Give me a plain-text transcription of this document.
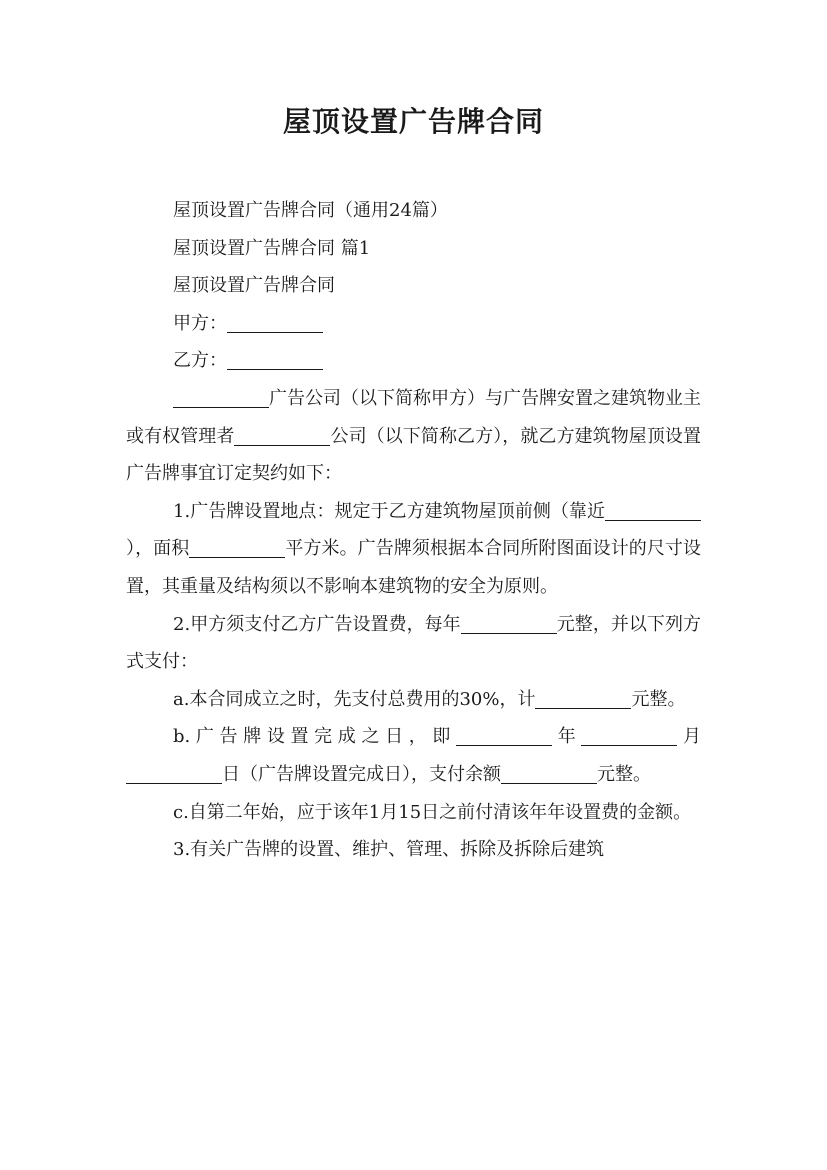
屋顶设置广告牌合同

屋顶设置广告牌合同（通用24篇）

屋顶设置广告牌合同 篇1

屋顶设置广告牌合同

甲方：

乙方：

广告公司（以下简称甲方）与广告牌安置之建筑物业主或有权管理者	公司（以下简称乙方），就乙方建筑物屋顶设置广告牌事宜订定契约如下：

1.广告牌设置地点：规定于乙方建筑物屋顶前侧（靠近），面积	平方米。广告牌须根据本合同所附图面设计的尺寸设置，其重量及结构须以不影响本建筑物的安全为原则。

2.甲方须支付乙方广告设置费，每年	元整，并以下列方式支付：

a.本合同成立之时，先支付总费用的30%，计	元整。

b.广告牌设置完成之日，即	年	月日（广告牌设置完成日），支付余额	元整。

c.自第二年始，应于该年1月15日之前付清该年年设置费的金额。

3.有关广告牌的设置、维护、管理、拆除及拆除后建筑
